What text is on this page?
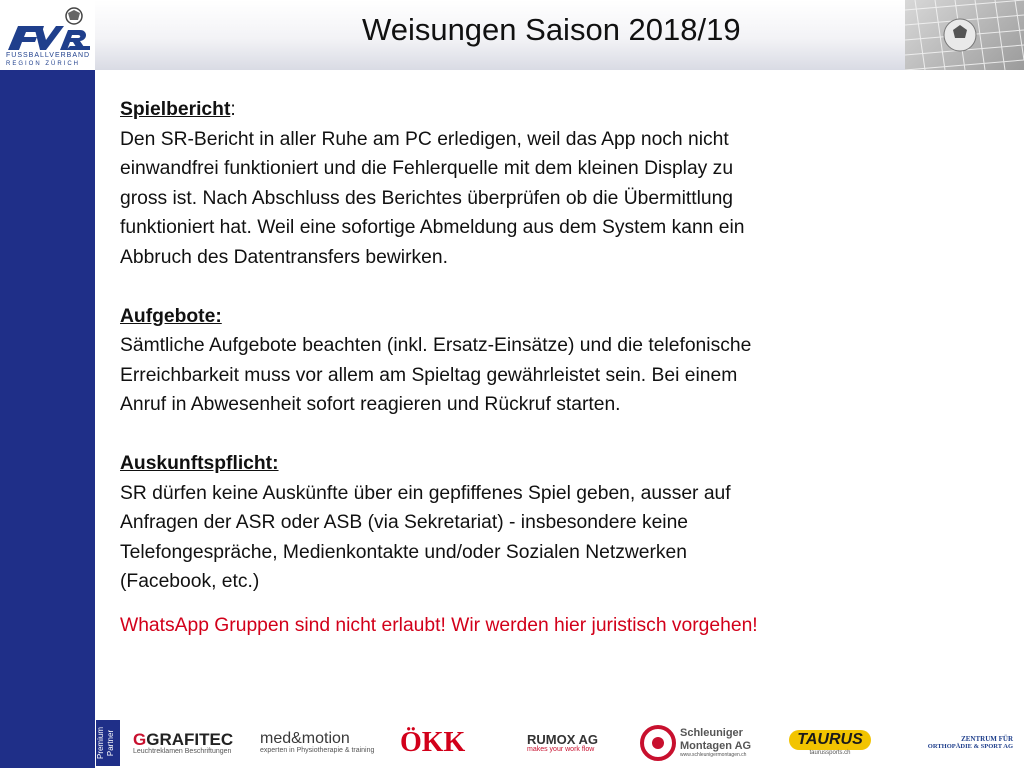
FUSSBALLVERBAND
REGION ZÜRICH
Weisungen Saison 2018/19
Spielbericht:
Den SR-Bericht in aller Ruhe am PC erledigen, weil das App noch nicht
einwandfrei funktioniert und die Fehlerquelle mit dem kleinen Display zu
gross ist. Nach Abschluss des Berichtes überprüfen ob die Übermittlung
funktioniert hat. Weil eine sofortige Abmeldung aus dem System kann ein
Abbruch des Datentransfers bewirken.
Aufgebote:
Sämtliche Aufgebote beachten (inkl. Ersatz-Einsätze) und die telefonische
Erreichbarkeit muss vor allem am Spieltag gewährleistet sein. Bei einem
Anruf in Abwesenheit sofort reagieren und Rückruf starten.
Auskunftspflicht:
SR dürfen keine Auskünfte über ein gepfiffenes Spiel geben, ausser auf
Anfragen der ASR oder ASB (via Sekretariat) - insbesondere keine
Telefongespräche, Medienkontakte und/oder Sozialen Netzwerken
(Facebook, etc.)
WhatsApp Gruppen sind nicht erlaubt! Wir werden hier juristisch vorgehen!
Premium Partner GGRAFITEC
Leuchtreklamen Beschriftungen
med&motion
experten in Physiotherapie & training ÖKK	RUMOX AG
makes your work flow
Schleuniger Montagen AG
www.schleunigermontagen.ch
TAURUS
taurussports.ch
ZENTRUM FÜR
ORTHOPÄDIE & SPORT AG
